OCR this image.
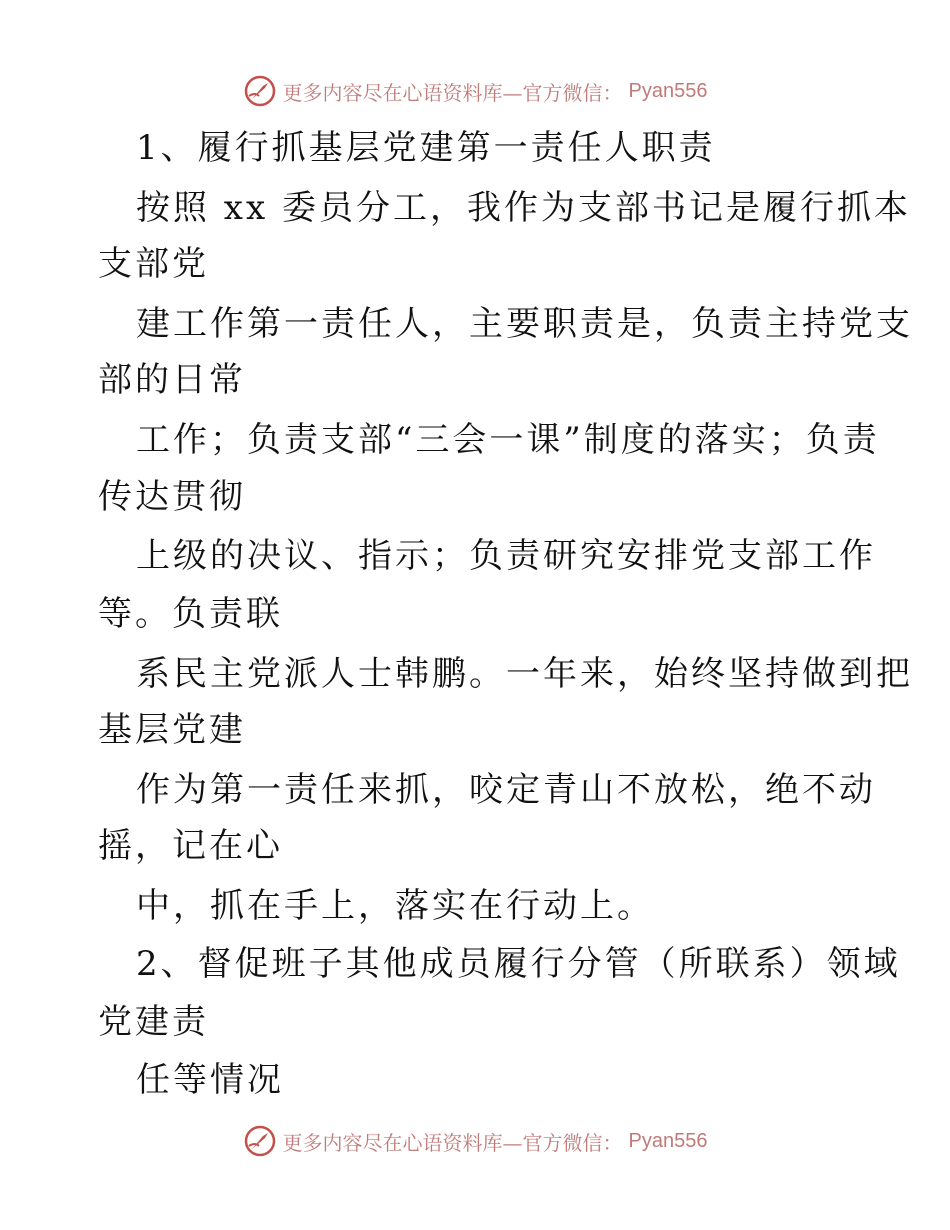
更多内容尽在心语资料库—官方微信： Pyan556
1、履行抓基层党建第一责任人职责
按照 xx 委员分工，我作为支部书记是履行抓本
支部党
建工作第一责任人，主要职责是，负责主持党支
部的日常
工作；负责支部“三会一课”制度的落实；负责
传达贯彻
上级的决议、指示；负责研究安排党支部工作
等。负责联
系民主党派人士韩鹏。一年来，始终坚持做到把
基层党建
作为第一责任来抓，咬定青山不放松，绝不动
摇，记在心
中，抓在手上，落实在行动上。
2、督促班子其他成员履行分管（所联系）领域
党建责
任等情况
更多内容尽在心语资料库—官方微信： Pyan556
